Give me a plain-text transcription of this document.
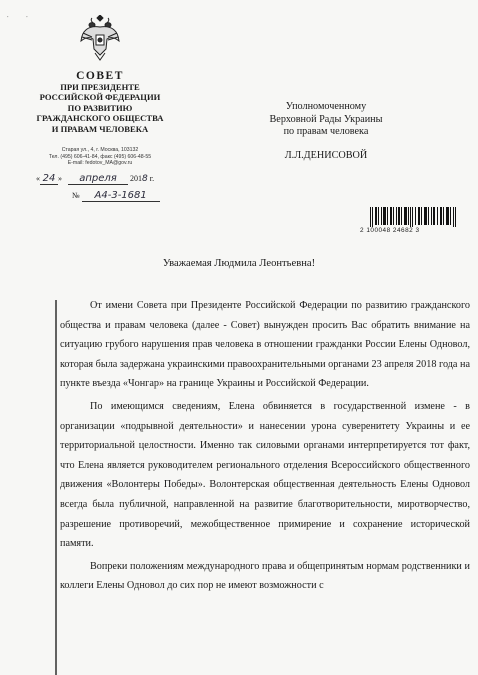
⸱ ⸱
СОВЕТ
ПРИ ПРЕЗИДЕНТЕ
РОССИЙСКОЙ ФЕДЕРАЦИИ
ПО РАЗВИТИЮ
ГРАЖДАНСКОГО ОБЩЕСТВА
И ПРАВАМ ЧЕЛОВЕКА
Старая ул., 4, г. Москва, 103132
Тел. (495) 606-41-84, факс (495) 606-48-55
E-mail: fedotov_MA@gov.ru
« 24 » апреля 2018 г.
№ А4-3-1681
Уполномоченному
Верховной Рады Украины
по правам человека
Л.Л.ДЕНИСОВОЙ
2 100048 24682 3
Уважаемая Людмила Леонтьевна!

От имени Совета при Президенте Российской Федерации по развитию гражданского общества и правам человека (далее - Совет) вынужден просить Вас обратить внимание на ситуацию грубого нарушения прав человека в отношении гражданки России Елены Одновол, которая была задержана украинскими правоохранительными органами 23 апреля 2018 года на пункте въезда «Чонгар» на границе Украины и Российской Федерации.

По имеющимся сведениям, Елена обвиняется в государственной измене - в организации «подрывной деятельности» и нанесении урона суверенитету Украины и ее территориальной целостности. Именно так силовыми органами интерпретируется тот факт, что Елена является руководителем регионального отделения Всероссийского общественного движения «Волонтеры Победы». Волонтерская общественная деятельность Елены Одновол всегда была публичной, направленной на развитие благотворительности, миротворчество, разрешение противоречий, межобщественное примирение и сохранение исторической памяти.

Вопреки положениям международного права и общепринятым нормам родственники и коллеги Елены Одновол до сих пор не имеют возможности с
